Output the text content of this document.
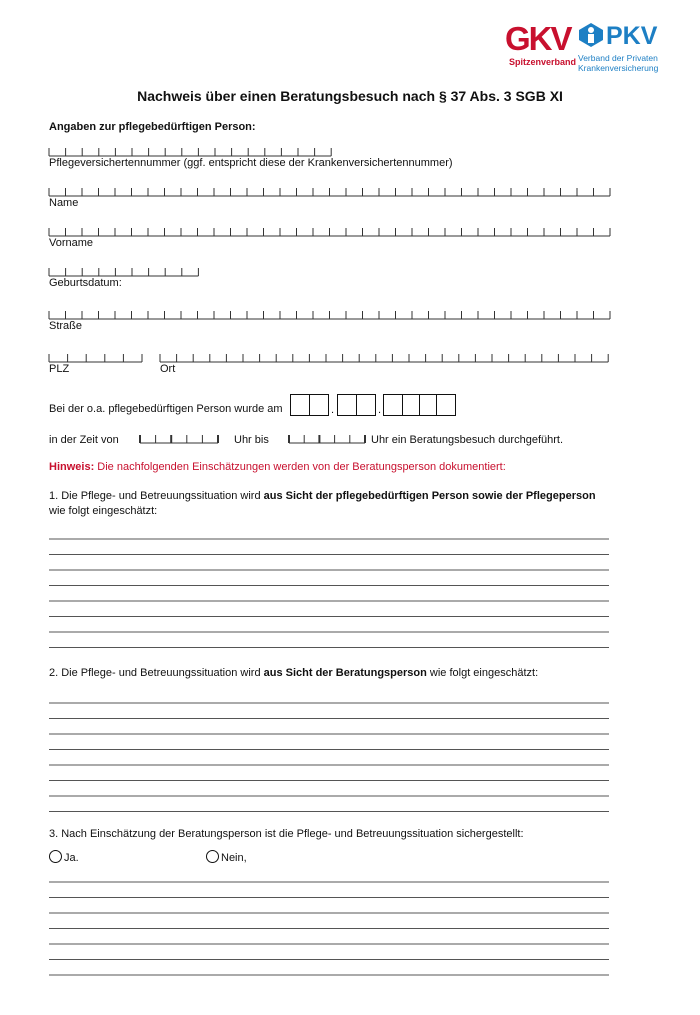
GKV
Spitzenverband
PKV
Verband der Privaten
Krankenversicherung
Nachweis über einen Beratungsbesuch nach § 37 Abs. 3 SGB XI
Angaben zur pflegebedürftigen Person:
Pflegeversichertennummer (ggf. entspricht diese der Krankenversichertennummer)
Name
Vorname
Geburtsdatum:
Straße
PLZ	Ort
Bei der o.a. pflegebedürftigen Person wurde am	.	.
in der Zeit von	Uhr bis	Uhr ein Beratungsbesuch durchgeführt.
Hinweis: Die nachfolgenden Einschätzungen werden von der Beratungsperson dokumentiert:
1. Die Pflege- und Betreuungssituation wird aus Sicht der pflegebedürftigen Person sowie der Pflegeperson wie folgt eingeschätzt:
2. Die Pflege- und Betreuungssituation wird aus Sicht der Beratungsperson wie folgt eingeschätzt:
3. Nach Einschätzung der Beratungsperson ist die Pflege- und Betreuungssituation sichergestellt:
Ja.	Nein,
